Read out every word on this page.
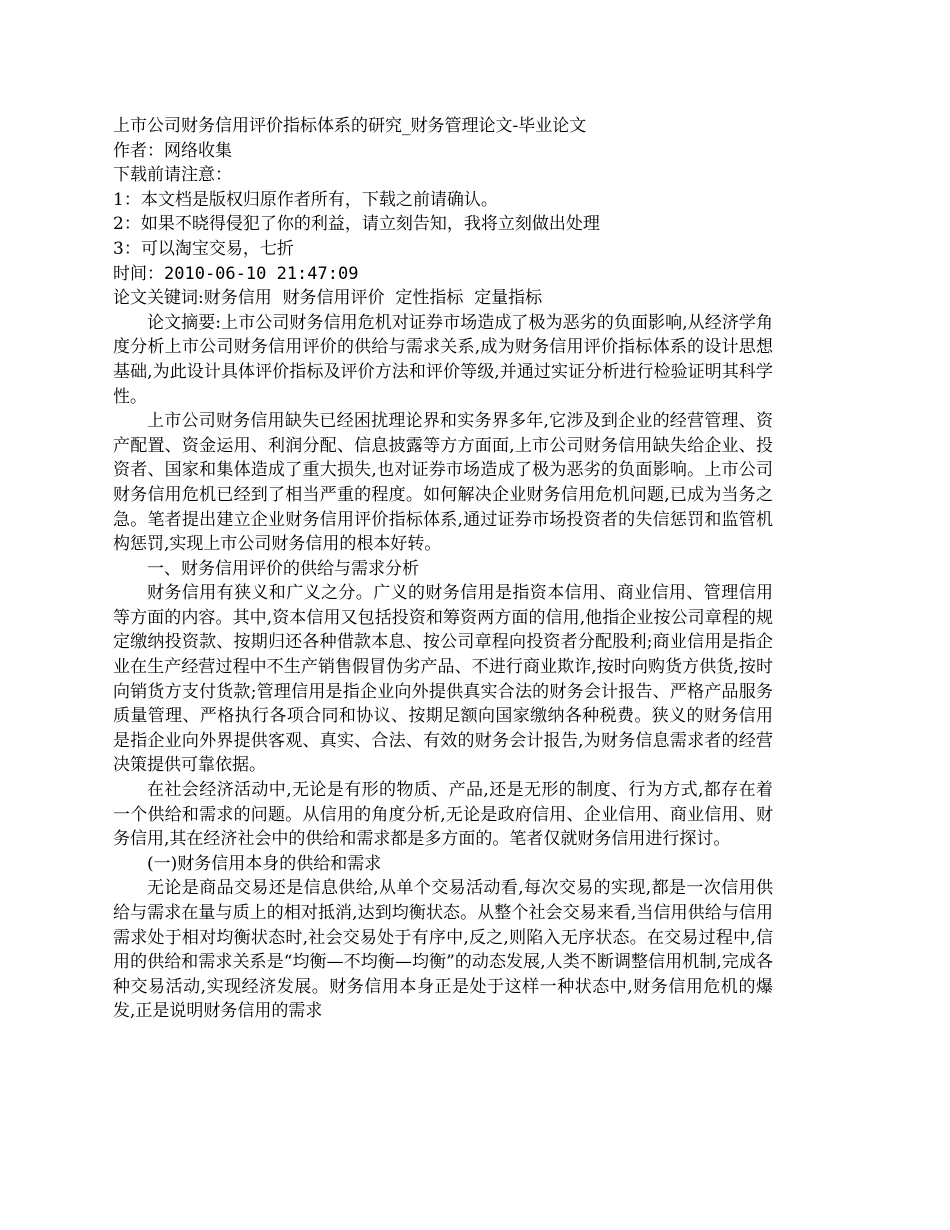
上市公司财务信用评价指标体系的研究_财务管理论文-毕业论文
作者：网络收集
下载前请注意：
1：本文档是版权归原作者所有，下载之前请确认。
2：如果不晓得侵犯了你的利益，请立刻告知，我将立刻做出处理
3：可以淘宝交易，七折
时间：2010-06-10 21:47:09
论文关键词:财务信用  财务信用评价  定性指标  定量指标

论文摘要:上市公司财务信用危机对证券市场造成了极为恶劣的负面影响,从经济学角度分析上市公司财务信用评价的供给与需求关系,成为财务信用评价指标体系的设计思想基础,为此设计具体评价指标及评价方法和评价等级,并通过实证分析进行检验证明其科学性。

上市公司财务信用缺失已经困扰理论界和实务界多年,它涉及到企业的经营管理、资产配置、资金运用、利润分配、信息披露等方方面面,上市公司财务信用缺失给企业、投资者、国家和集体造成了重大损失,也对证券市场造成了极为恶劣的负面影响。上市公司财务信用危机已经到了相当严重的程度。如何解决企业财务信用危机问题,已成为当务之急。笔者提出建立企业财务信用评价指标体系,通过证券市场投资者的失信惩罚和监管机构惩罚,实现上市公司财务信用的根本好转。

一、财务信用评价的供给与需求分析

财务信用有狭义和广义之分。广义的财务信用是指资本信用、商业信用、管理信用等方面的内容。其中,资本信用又包括投资和筹资两方面的信用,他指企业按公司章程的规定缴纳投资款、按期归还各种借款本息、按公司章程向投资者分配股利;商业信用是指企业在生产经营过程中不生产销售假冒伪劣产品、不进行商业欺诈,按时向购货方供货,按时向销货方支付货款;管理信用是指企业向外提供真实合法的财务会计报告、严格产品服务质量管理、严格执行各项合同和协议、按期足额向国家缴纳各种税费。狭义的财务信用是指企业向外界提供客观、真实、合法、有效的财务会计报告,为财务信息需求者的经营决策提供可靠依据。

在社会经济活动中,无论是有形的物质、产品,还是无形的制度、行为方式,都存在着一个供给和需求的问题。从信用的角度分析,无论是政府信用、企业信用、商业信用、财务信用,其在经济社会中的供给和需求都是多方面的。笔者仅就财务信用进行探讨。

(一)财务信用本身的供给和需求

无论是商品交易还是信息供给,从单个交易活动看,每次交易的实现,都是一次信用供给与需求在量与质上的相对抵消,达到均衡状态。从整个社会交易来看,当信用供给与信用需求处于相对均衡状态时,社会交易处于有序中,反之,则陷入无序状态。在交易过程中,信用的供给和需求关系是“均衡—不均衡—均衡”的动态发展,人类不断调整信用机制,完成各种交易活动,实现经济发展。财务信用本身正是处于这样一种状态中,财务信用危机的爆发,正是说明财务信用的需求
